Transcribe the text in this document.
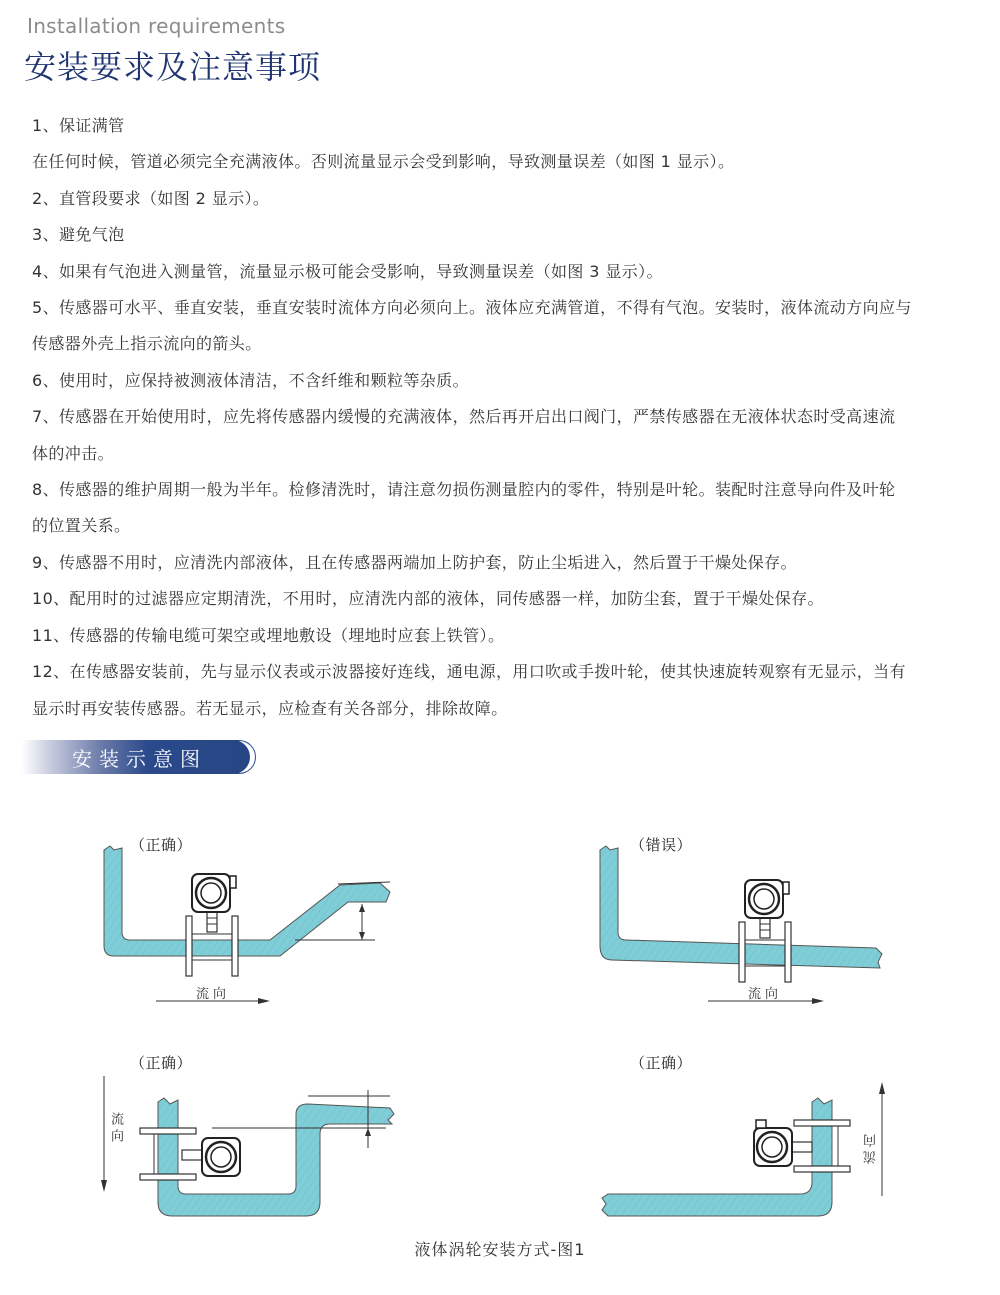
Installation requirements
安装要求及注意事项
1、保证满管
在任何时候，管道必须完全充满液体。否则流量显示会受到影响，导致测量误差（如图 1 显示）。
2、直管段要求（如图 2 显示）。
3、避免气泡
4、如果有气泡进入测量管，流量显示极可能会受影响，导致测量误差（如图 3 显示）。
5、传感器可水平、垂直安装，垂直安装时流体方向必须向上。液体应充满管道，不得有气泡。安装时，液体流动方向应与
传感器外壳上指示流向的箭头。
6、使用时，应保持被测液体清洁，不含纤维和颗粒等杂质。
7、传感器在开始使用时，应先将传感器内缓慢的充满液体，然后再开启出口阀门，严禁传感器在无液体状态时受高速流
体的冲击。
8、传感器的维护周期一般为半年。检修清洗时，请注意勿损伤测量腔内的零件，特别是叶轮。装配时注意导向件及叶轮
的位置关系。
9、传感器不用时，应清洗内部液体，且在传感器两端加上防护套，防止尘垢进入，然后置于干燥处保存。
10、配用时的过滤器应定期清洗，不用时，应清洗内部的液体，同传感器一样，加防尘套，置于干燥处保存。
11、传感器的传输电缆可架空或埋地敷设（埋地时应套上铁管）。
12、在传感器安装前，先与显示仪表或示波器接好连线，通电源，用口吹或手拨叶轮，使其快速旋转观察有无显示，当有
显示时再安装传感器。若无显示，应检查有关各部分，排除故障。
安装示意图
（正确）
流向
（错误）
流向
（正确）
流向
（正确）
流向
液体涡轮安装方式-图1
